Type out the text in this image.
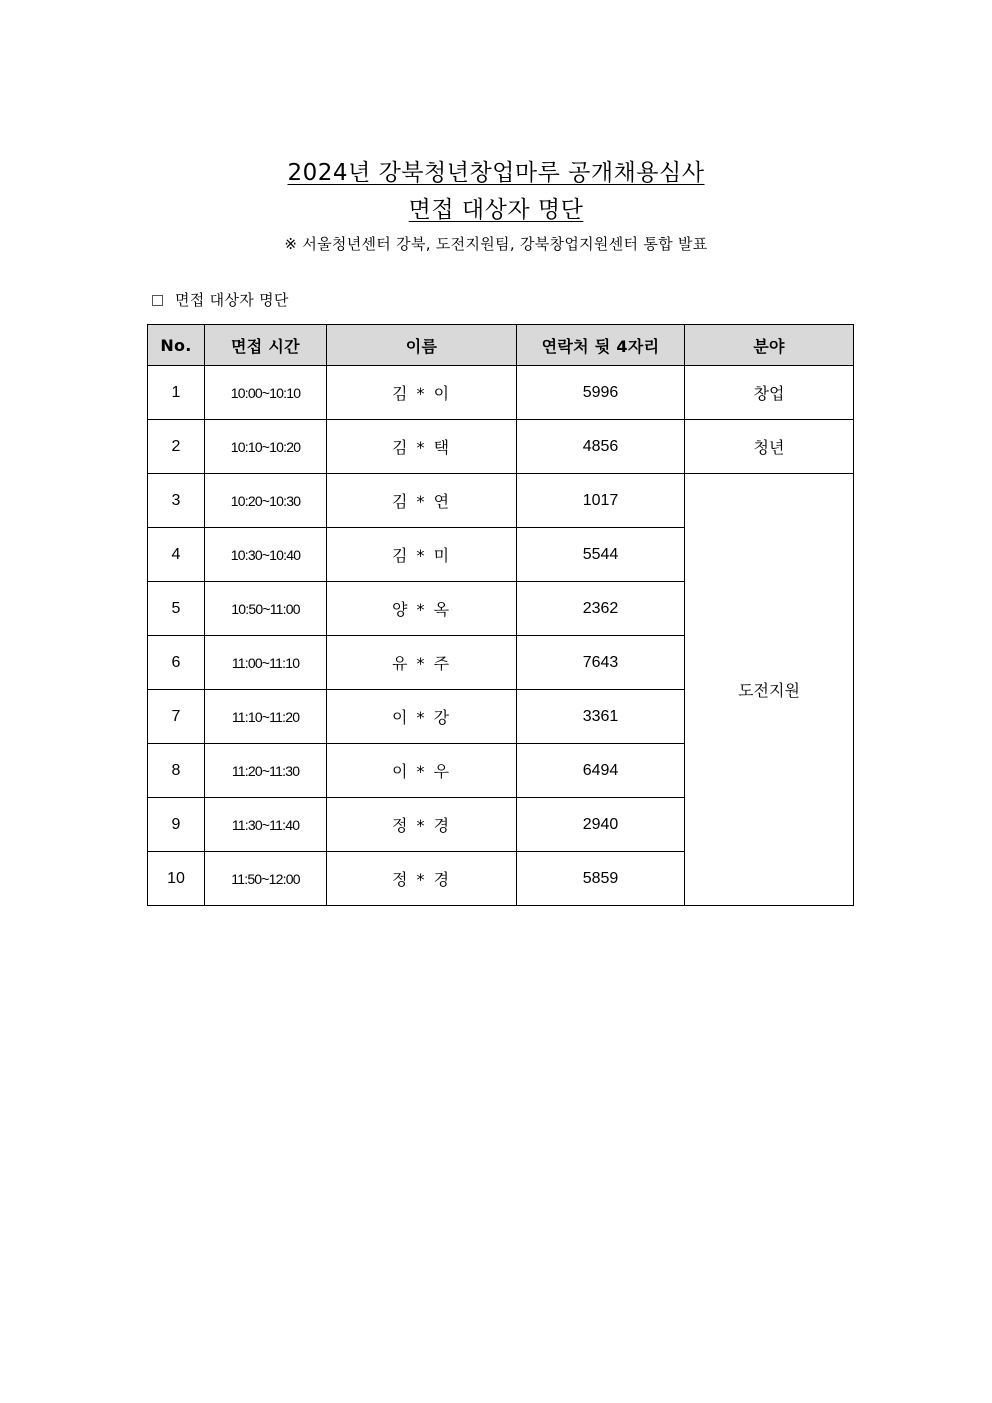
2024년 강북청년창업마루 공개채용심사
면접 대상자 명단
※ 서울청년센터 강북, 도전지원팀, 강북창업지원센터 통합 발표
면접 대상자 명단
No.	면접 시간	이름	연락처 뒷 4자리	분야
1	10:00~10:10	김 * 이	5996	창업
2	10:10~10:20	김 * 택	4856	청년
3	10:20~10:30	김 * 연	1017	도전지원
4	10:30~10:40	김 * 미	5544	
5	10:50~11:00	양 * 옥	2362	
6	11:00~11:10	유 * 주	7643	
7	11:10~11:20	이 * 강	3361	
8	11:20~11:30	이 * 우	6494	
9	11:30~11:40	정 * 경	2940	
10	11:50~12:00	정 * 경	5859	
